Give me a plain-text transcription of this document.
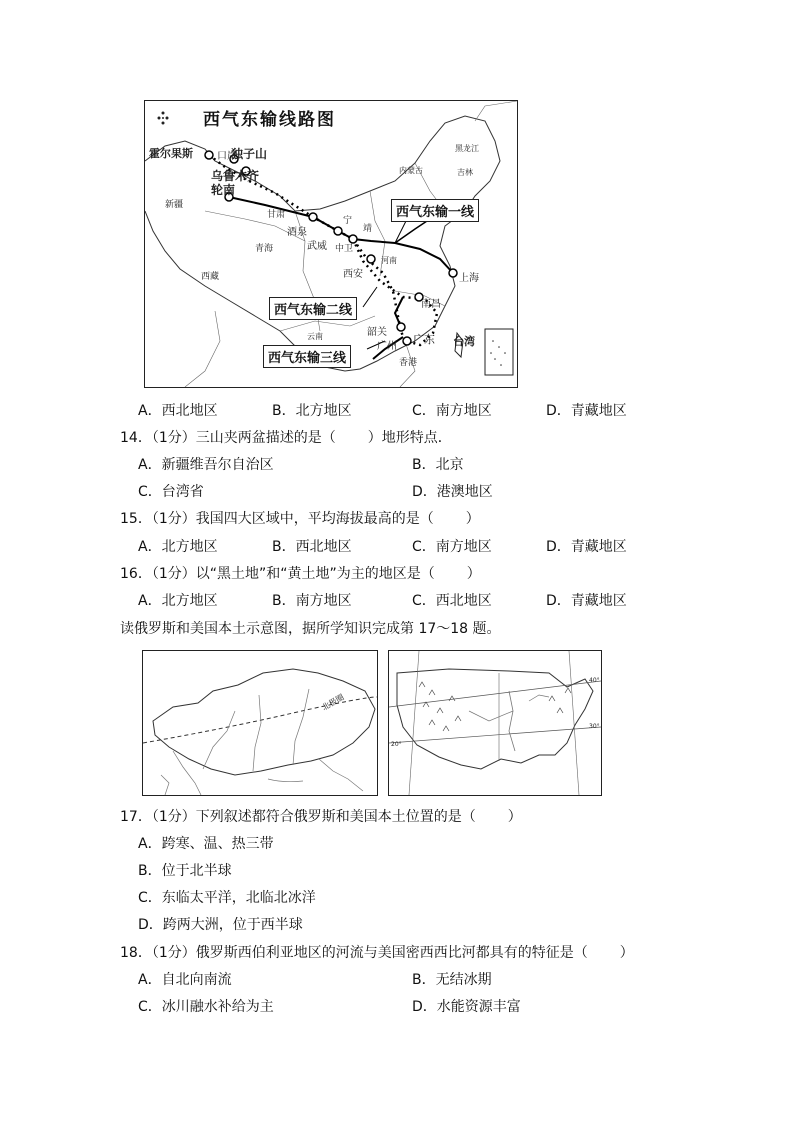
西气东输线路图
霍尔果斯 口岸
独子山
乌鲁木齐
轮南
新疆
甘肃
酒泉
武威
青海
西藏
宁
中卫
靖
西安
河南
上海
南昌
韶关
广州
广东
香港
台湾
云南
黑龙江
吉林
内蒙古
西气东输一线
西气东输二线
西气东输三线
A．西北地区	B．北方地区	C．南方地区	D．青藏地区
14．（1分）三山夹两盆描述的是（ ）地形特点．
A．新疆维吾尔自治区	B．北京
C．台湾省	D．港澳地区
15．（1分）我国四大区域中，平均海拔最高的是（ ）
A．北方地区	B．西北地区	C．南方地区	D．青藏地区
16．（1分）以“黑土地”和“黄土地”为主的地区是（ ）
A．北方地区	B．南方地区	C．西北地区	D．青藏地区
读俄罗斯和美国本土示意图，据所学知识完成第 17～18 题。
北极圈
40°
30°
20°
17．（1分）下列叙述都符合俄罗斯和美国本土位置的是（ ）
A．跨寒、温、热三带
B．位于北半球
C．东临太平洋，北临北冰洋
D．跨两大洲，位于西半球
18．（1分）俄罗斯西伯利亚地区的河流与美国密西西比河都具有的特征是（ ）
A．自北向南流	B．无结冰期
C．冰川融水补给为主	D．水能资源丰富
